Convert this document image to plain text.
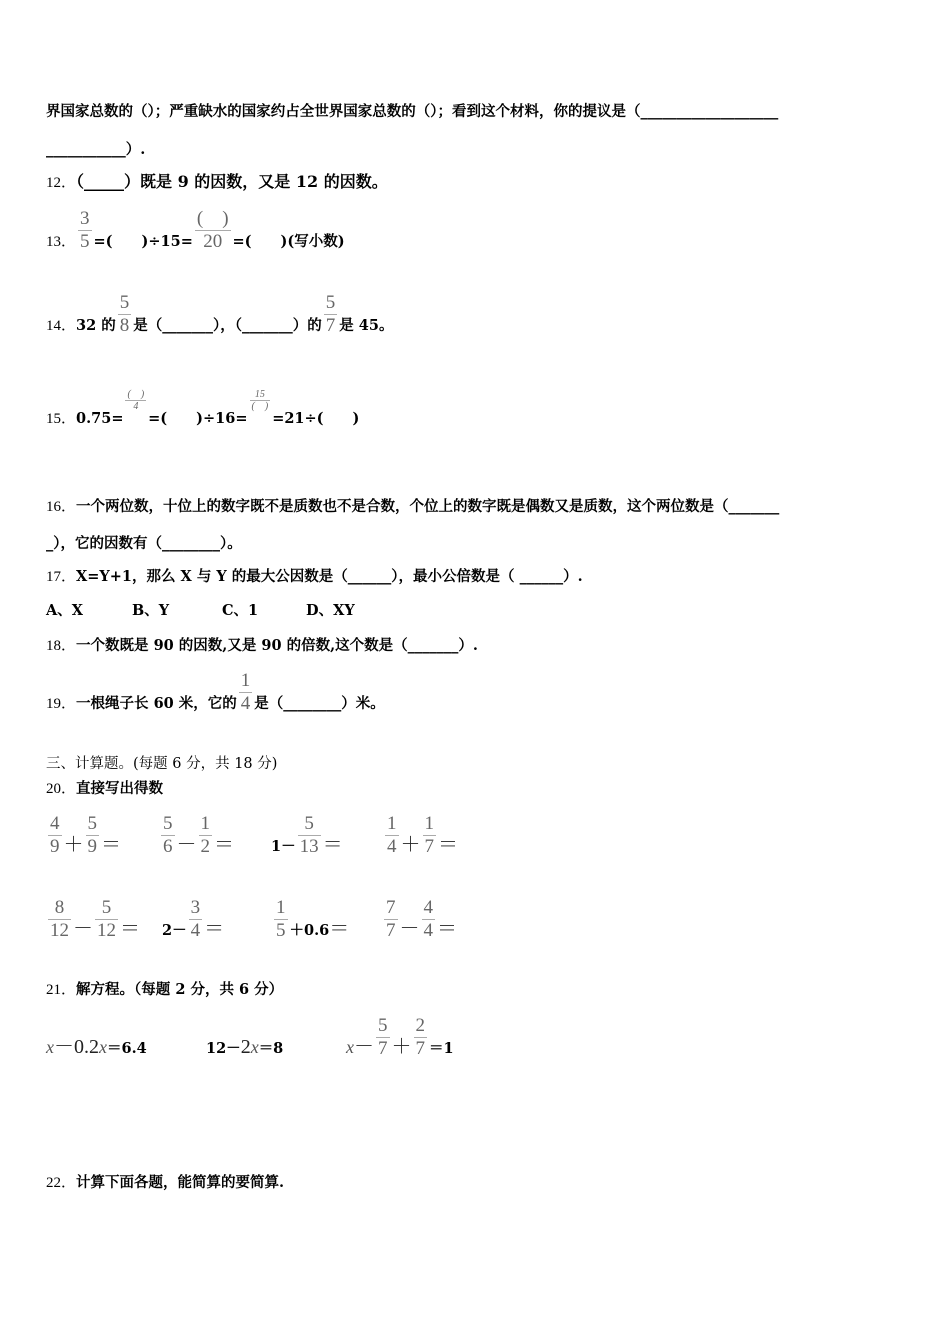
界国家总数的（）；严重缺水的国家约占全世界国家总数的（）；看到这个材料，你的提议是（___________________
___________）.
12．（_____）既是 9 的因数，又是 12 的因数。
13． $\frac{3}{5}$ =(　　)$\div 15= \frac{( )}{20}$ =(　　)(写小数)
14．32 的 $\frac{5}{8}$ 是（_______），（_______）的 $\frac{5}{7}$ 是 45。
15．0.75=
$\frac{( )}{4}$
=(　　)÷16=
$\frac{15}{( )}$
=21÷(　　)
16．一个两位数，十位上的数字既不是质数也不是合数，个位上的数字既是偶数又是质数，这个两位数是（_______
_），它的因数有（________）。
17．X=Y+1，那么 X 与 Y 的最大公因数是（______），最小公倍数是（ ______）.
A、X	B、Y	C、1	D、XY
18．一个数既是 90 的因数,又是 90 的倍数,这个数是（_______）.
19．一根绳子长 60 米，它的 $\frac{1}{4}$ 是（________）米。
三、计算题。(每题 6 分，共 18 分)
20．直接写出得数
$\frac{4}{9} + \frac{5}{9} = \frac{5}{6} - \frac{1}{2}$ ＝	$1- \frac{5}{13} = \frac{1}{4} + \frac{1}{7}$ ＝
$\frac{8}{12} - \frac{5}{12} = 2- \frac{3}{4}$ ＝	$\frac{1}{5} +0.6= \frac{7}{7} - \frac{4}{4}$ ＝
21．解方程。（每题 2 分，共 6 分）
x－0.2x＝6.4	12－2x＝8	$x- \frac{5}{7} + \frac{2}{7} =1$
22．计算下面各题，能简算的要简算.
